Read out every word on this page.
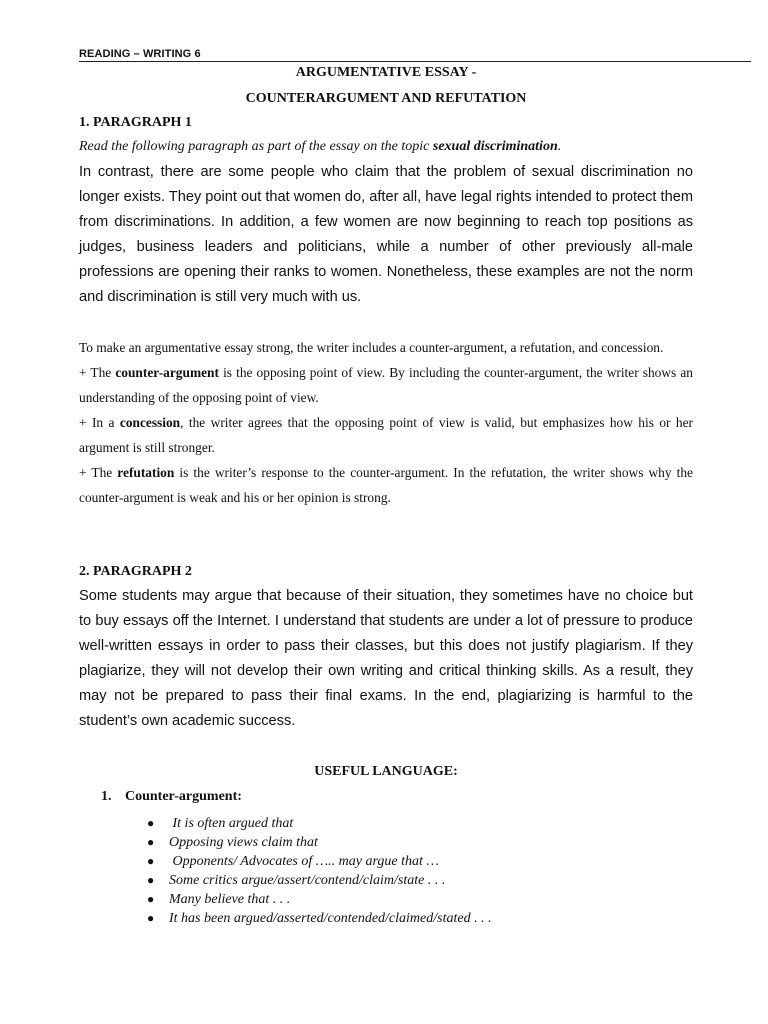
READING – WRITING 6
ARGUMENTATIVE ESSAY -
COUNTERARGUMENT AND REFUTATION
1. PARAGRAPH 1
Read the following paragraph as part of the essay on the topic sexual discrimination.

In contrast, there are some people who claim that the problem of sexual discrimination no longer exists. They point out that women do, after all, have legal rights intended to protect them from discriminations. In addition, a few women are now beginning to reach top positions as judges, business leaders and politicians, while a number of other previously all-male professions are opening their ranks to women. Nonetheless, these examples are not the norm and discrimination is still very much with us.

To make an argumentative essay strong, the writer includes a counter-argument, a refutation, and concession.

+ The counter-argument is the opposing point of view. By including the counter-argument, the writer shows an understanding of the opposing point of view.

+ In a concession, the writer agrees that the opposing point of view is valid, but emphasizes how his or her argument is still stronger.

+ The refutation is the writer’s response to the counter-argument. In the refutation, the writer shows why the counter-argument is weak and his or her opinion is strong.

2. PARAGRAPH 2

Some students may argue that because of their situation, they sometimes have no choice but to buy essays off the Internet. I understand that students are under a lot of pressure to produce well-written essays in order to pass their classes, but this does not justify plagiarism. If they plagiarize, they will not develop their own writing and critical thinking skills. As a result, they may not be prepared to pass their final exams. In the end, plagiarizing is harmful to the student’s own academic success.

USEFUL LANGUAGE:
1. Counter-argument:
● It is often argued that
● Opposing views claim that
● Opponents/ Advocates of ….. may argue that …
● Some critics argue/assert/contend/claim/state . . .
● Many believe that . . .
● It has been argued/asserted/contended/claimed/stated . . .
